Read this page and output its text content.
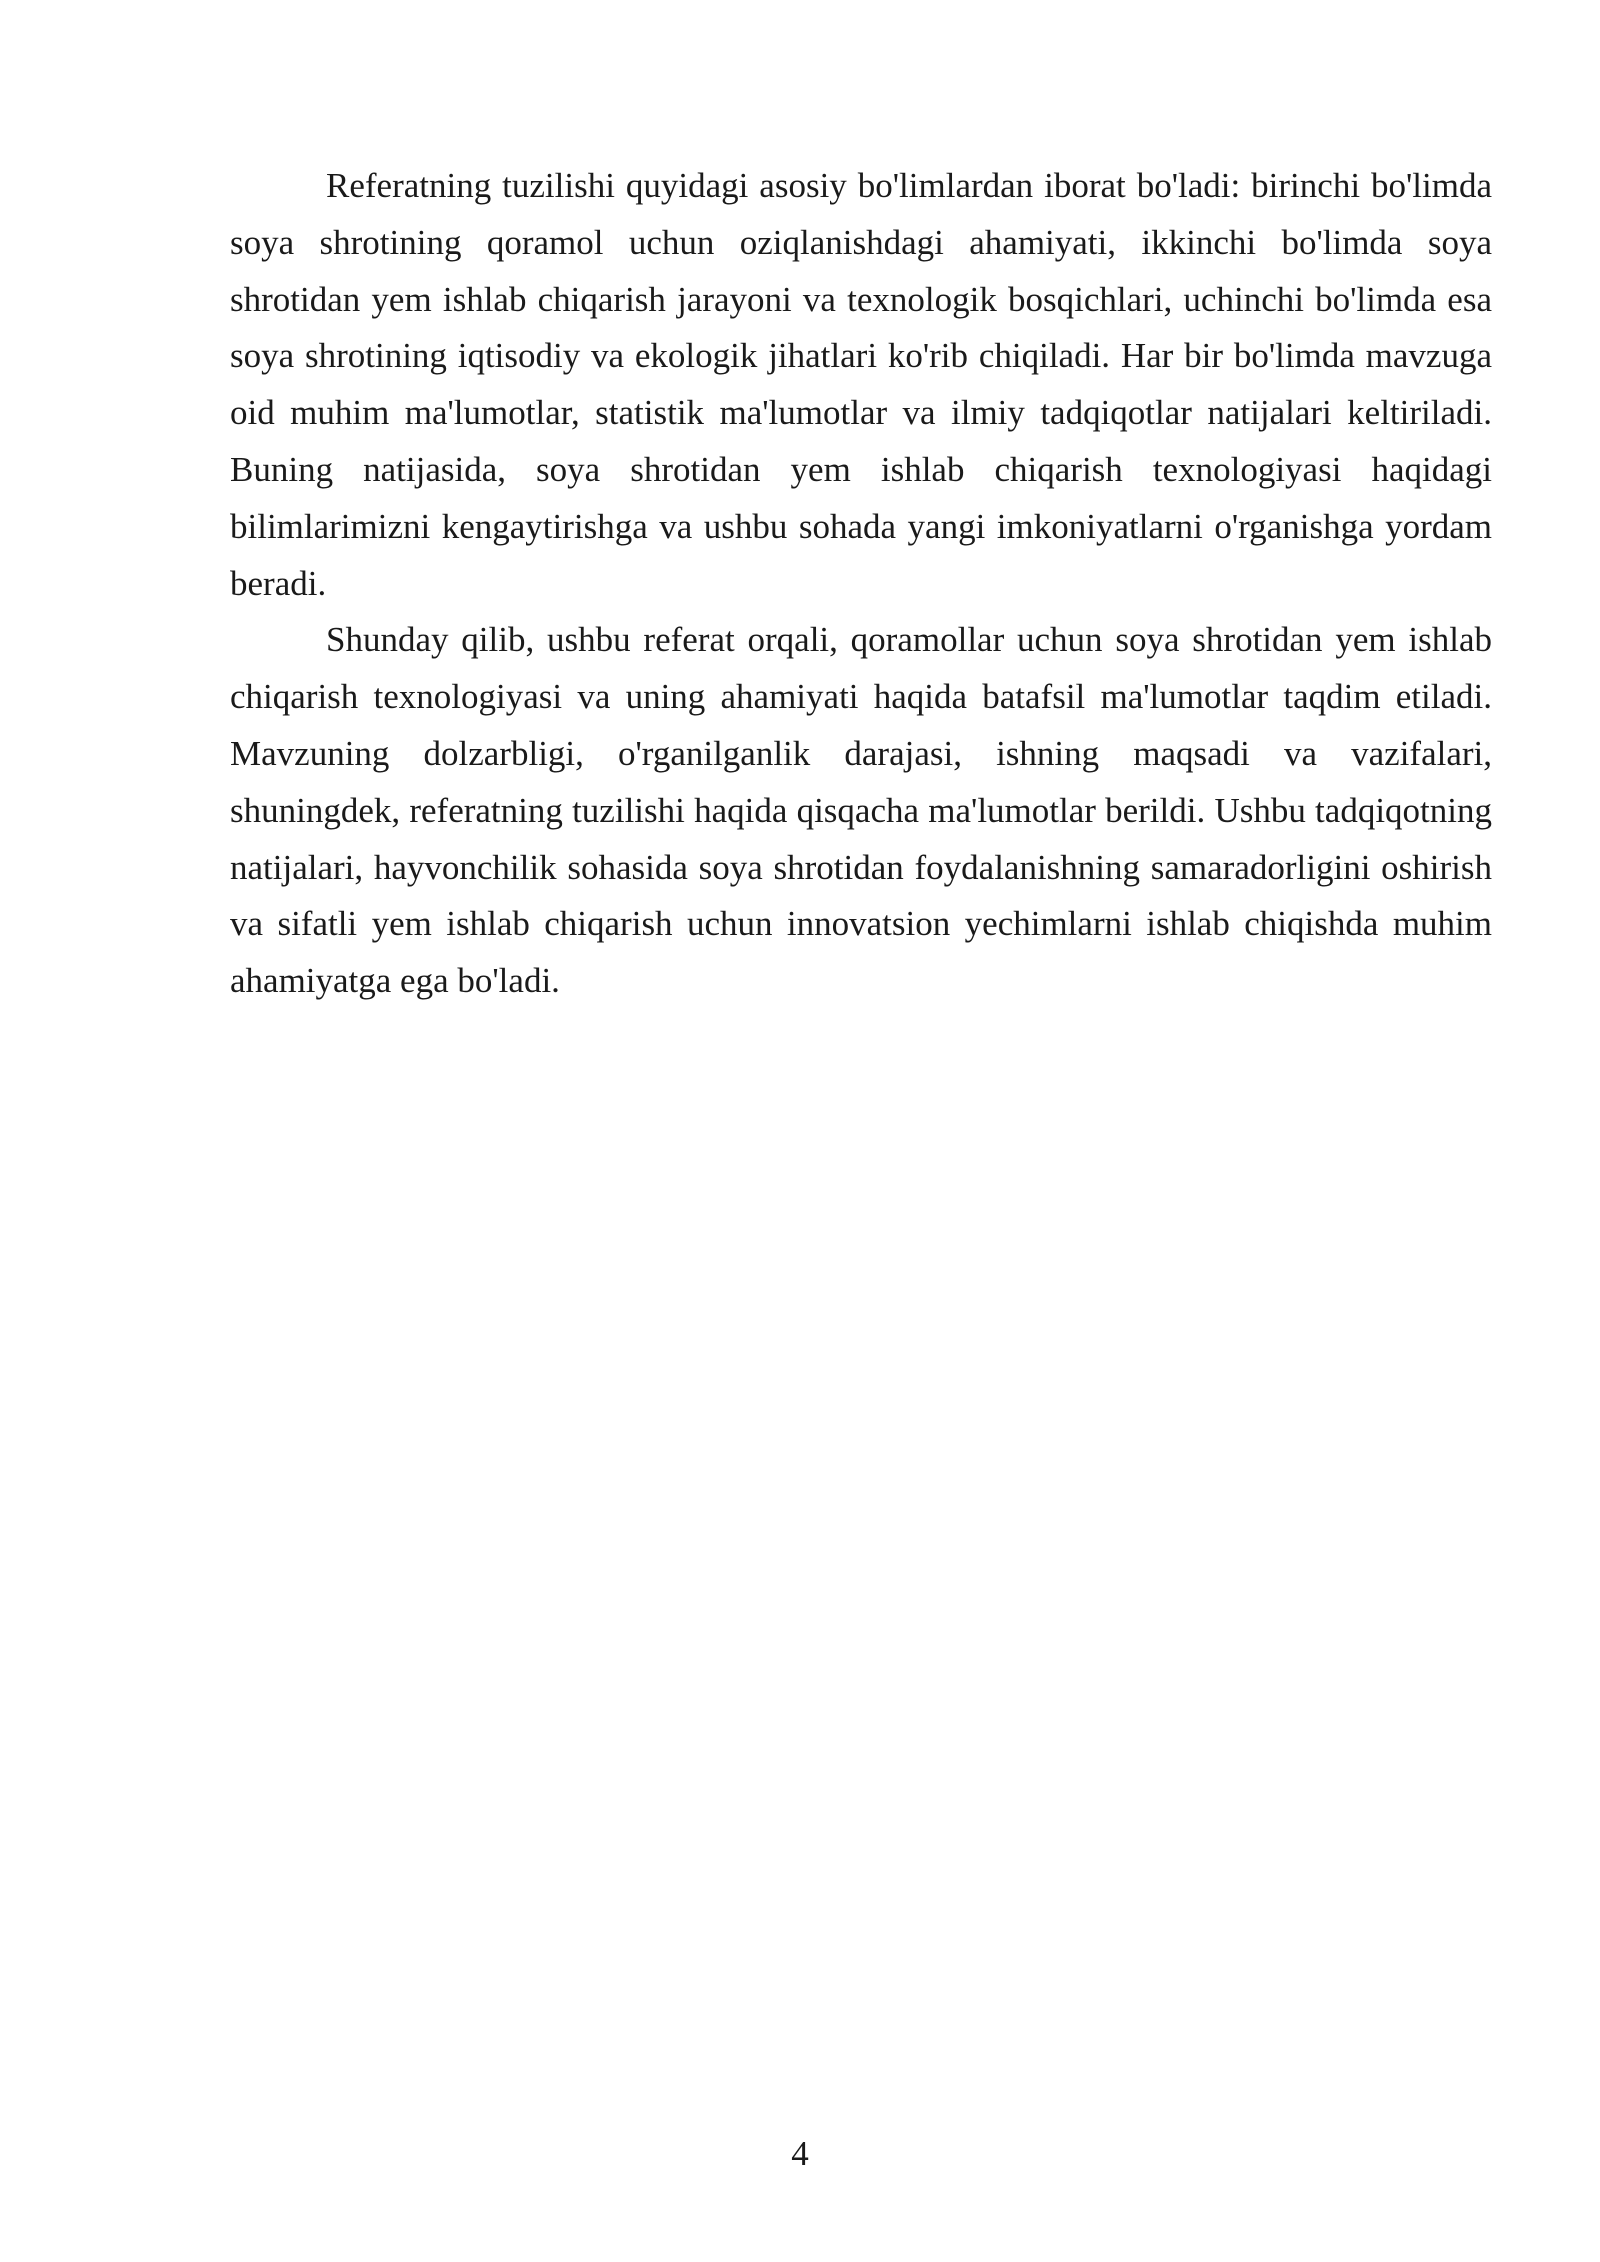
Referatning tuzilishi quyidagi asosiy bo'limlardan iborat bo'ladi: birinchi bo'limda soya shrotining qoramol uchun oziqlanishdagi ahamiyati, ikkinchi bo'limda soya shrotidan yem ishlab chiqarish jarayoni va texnologik bosqichlari, uchinchi bo'limda esa soya shrotining iqtisodiy va ekologik jihatlari ko'rib chiqiladi. Har bir bo'limda mavzuga oid muhim ma'lumotlar, statistik ma'lumotlar va ilmiy tadqiqotlar natijalari keltiriladi. Buning natijasida, soya shrotidan yem ishlab chiqarish texnologiyasi haqidagi bilimlarimizni kengaytirishga va ushbu sohada yangi imkoniyatlarni o'rganishga yordam beradi.

Shunday qilib, ushbu referat orqali, qoramollar uchun soya shrotidan yem ishlab chiqarish texnologiyasi va uning ahamiyati haqida batafsil ma'lumotlar taqdim etiladi. Mavzuning dolzarbligi, o'rganilganlik darajasi, ishning maqsadi va vazifalari, shuningdek, referatning tuzilishi haqida qisqacha ma'lumotlar berildi. Ushbu tadqiqotning natijalari, hayvonchilik sohasida soya shrotidan foydalanishning samaradorligini oshirish va sifatli yem ishlab chiqarish uchun innovatsion yechimlarni ishlab chiqishda muhim ahamiyatga ega bo'ladi.

4
